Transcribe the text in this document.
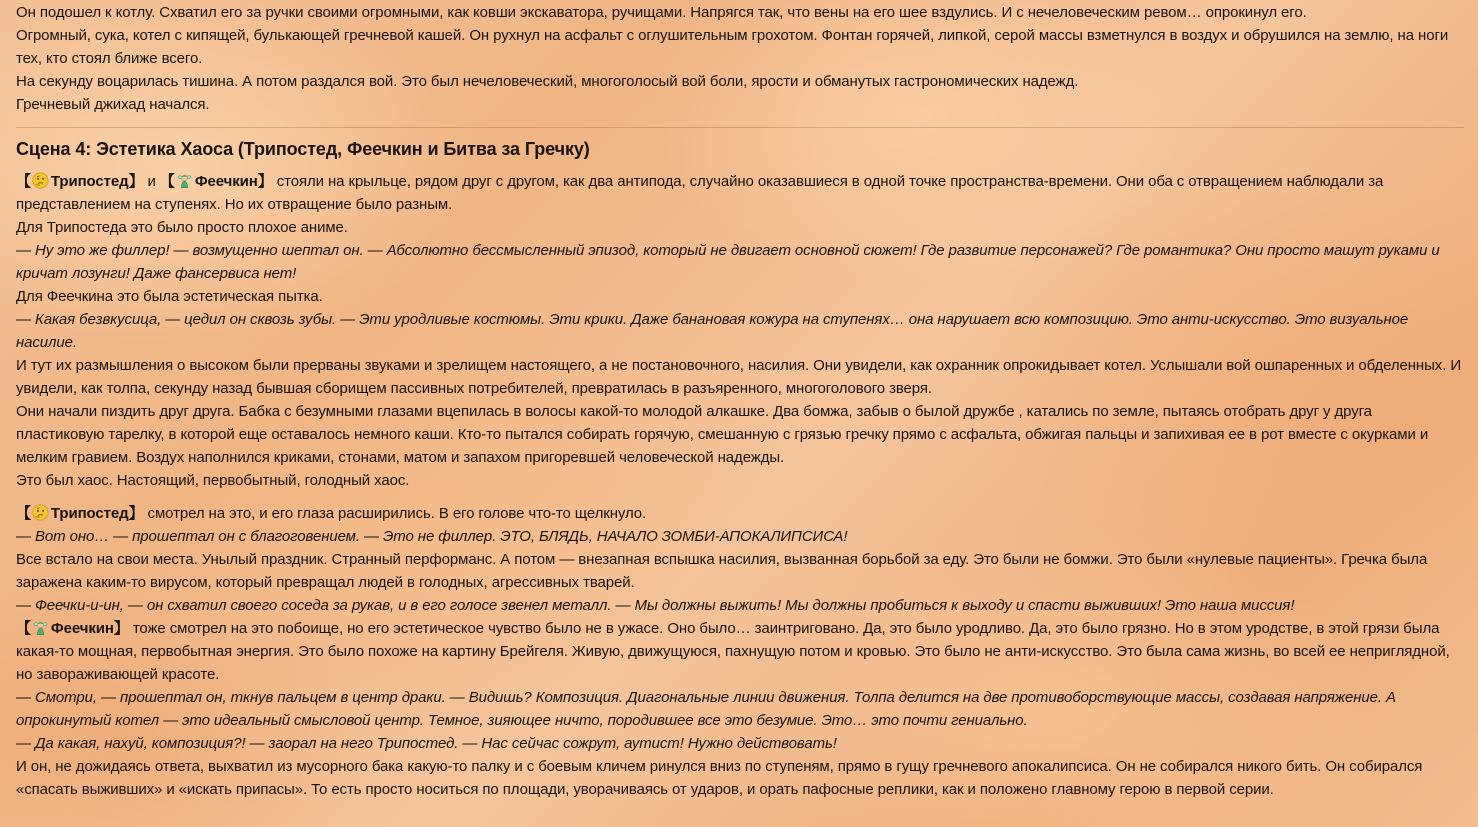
Он подошел к котлу. Схватил его за ручки своими огромными, как ковши экскаватора, ручищами. Напрягся так, что вены на его шее вздулись. И с нечеловеческим ревом… опрокинул его.

Огромный, сука, котел с кипящей, булькающей гречневой кашей. Он рухнул на асфальт с оглушительным грохотом. Фонтан горячей, липкой, серой массы взметнулся в воздух и обрушился на землю, на ноги тех, кто стоял ближе всего.

На секунду воцарилась тишина. А потом раздался вой. Это был нечеловеческий, многоголосый вой боли, ярости и обманутых гастрономических надежд.

Гречневый джихад начался.

Сцена 4: Эстетика Хаоса (Трипостед, Феечкин и Битва за Гречку)

【 Трипостед】 и 【 Феечкин】 стояли на крыльце, рядом друг с другом, как два антипода, случайно оказавшиеся в одной точке пространства-времени. Они оба с отвращением наблюдали за представлением на ступенях. Но их отвращение было разным.

Для Трипостеда это было просто плохое аниме.

— Ну это же филлер! — возмущенно шептал он. — Абсолютно бессмысленный эпизод, который не двигает основной сюжет! Где развитие персонажей? Где романтика? Они просто машут руками и кричат лозунги! Даже фансервиса нет!

Для Феечкина это была эстетическая пытка.

— Какая безвкусица, — цедил он сквозь зубы. — Эти уродливые костюмы. Эти крики. Даже банановая кожура на ступенях… она нарушает всю композицию. Это анти-искусство. Это визуальное насилие.

И тут их размышления о высоком были прерваны звуками и зрелищем настоящего, а не постановочного, насилия. Они увидели, как охранник опрокидывает котел. Услышали вой ошпаренных и обделенных. И увидели, как толпа, секунду назад бывшая сборищем пассивных потребителей, превратилась в разъяренного, многоголового зверя.

Они начали пиздить друг друга. Бабка с безумными глазами вцепилась в волосы какой-то молодой алкашке. Два бомжа, забыв о былой дружбе , катались по земле, пытаясь отобрать друг у друга пластиковую тарелку, в которой еще оставалось немного каши. Кто-то пытался собирать горячую, смешанную с грязью гречку прямо с асфальта, обжигая пальцы и запихивая ее в рот вместе с окурками и мелким гравием. Воздух наполнился криками, стонами, матом и запахом пригоревшей человеческой надежды.

Это был хаос. Настоящий, первобытный, голодный хаос.

【 Трипостед】 смотрел на это, и его глаза расширились. В его голове что-то щелкнуло.

— Вот оно… — прошептал он с благоговением. — Это не филлер. ЭТО, БЛЯДЬ, НАЧАЛО ЗОМБИ-АПОКАЛИПСИСА!

Все встало на свои места. Унылый праздник. Странный перформанс. А потом — внезапная вспышка насилия, вызванная борьбой за еду. Это были не бомжи. Это были «нулевые пациенты». Гречка была заражена каким-то вирусом, который превращал людей в голодных, агрессивных тварей.

— Феечки-и-ин, — он схватил своего соседа за рукав, и в его голосе звенел металл. — Мы должны выжить! Мы должны пробиться к выходу и спасти выживших! Это наша миссия!

【 Феечкин】 тоже смотрел на это побоище, но его эстетическое чувство было не в ужасе. Оно было… заинтриговано. Да, это было уродливо. Да, это было грязно. Но в этом уродстве, в этой грязи была какая-то мощная, первобытная энергия. Это было похоже на картину Брейгеля. Живую, движущуюся, пахнущую потом и кровью. Это было не анти-искусство. Это была сама жизнь, во всей ее неприглядной, но завораживающей красоте.

— Смотри, — прошептал он, ткнув пальцем в центр драки. — Видишь? Композиция. Диагональные линии движения. Толпа делится на две противоборствующие массы, создавая напряжение. А опрокинутый котел — это идеальный смысловой центр. Темное, зияющее ничто, породившее все это безумие. Это… это почти гениально.

— Да какая, нахуй, композиция?! — заорал на него Трипостед. — Нас сейчас сожрут, аутист! Нужно действовать!

И он, не дожидаясь ответа, выхватил из мусорного бака какую-то палку и с боевым кличем ринулся вниз по ступеням, прямо в гущу гречневого апокалипсиса. Он не собирался никого бить. Он собирался «спасать выживших» и «искать припасы». То есть просто носиться по площади, уворачиваясь от ударов, и орать пафосные реплики, как и положено главному герою в первой серии.
